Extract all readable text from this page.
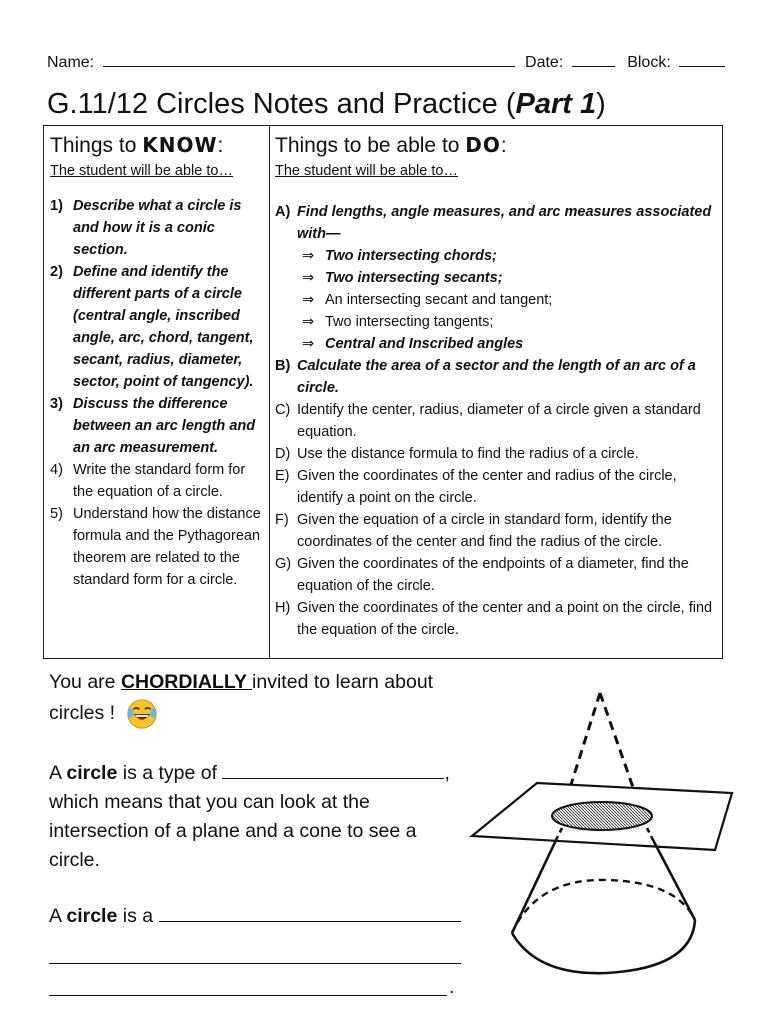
Name:	Date:	Block:
G.11/12 Circles Notes and Practice (Part 1)
Things to KNOW:
The student will be able to…
1) Describe what a circle is and how it is a conic section.
2) Define and identify the different parts of a circle (central angle, inscribed angle, arc, chord, tangent, secant, radius, diameter, sector, point of tangency).
3) Discuss the difference between an arc length and an arc measurement.
4) Write the standard form for the equation of a circle.
5) Understand how the distance formula and the Pythagorean theorem are related to the standard form for a circle.
Things to be able to DO:
The student will be able to…
A) Find lengths, angle measures, and arc measures associated with—
⇒ Two intersecting chords;
⇒ Two intersecting secants;
⇒ An intersecting secant and tangent;
⇒ Two intersecting tangents;
⇒ Central and Inscribed angles
B) Calculate the area of a sector and the length of an arc of a circle.
C) Identify the center, radius, diameter of a circle given a standard equation.
D) Use the distance formula to find the radius of a circle.
E) Given the coordinates of the center and radius of the circle, identify a point on the circle.
F) Given the equation of a circle in standard form, identify the coordinates of the center and find the radius of the circle.
G) Given the coordinates of the endpoints of a diameter, find the equation of the circle.
H) Given the coordinates of the center and a point on the circle, find the equation of the circle.

You are CHORDIALLY invited to learn about circles !

A circle is a type of	, which means that you can look at the intersection of a plane and a cone to see a circle.

A circle is a

.
